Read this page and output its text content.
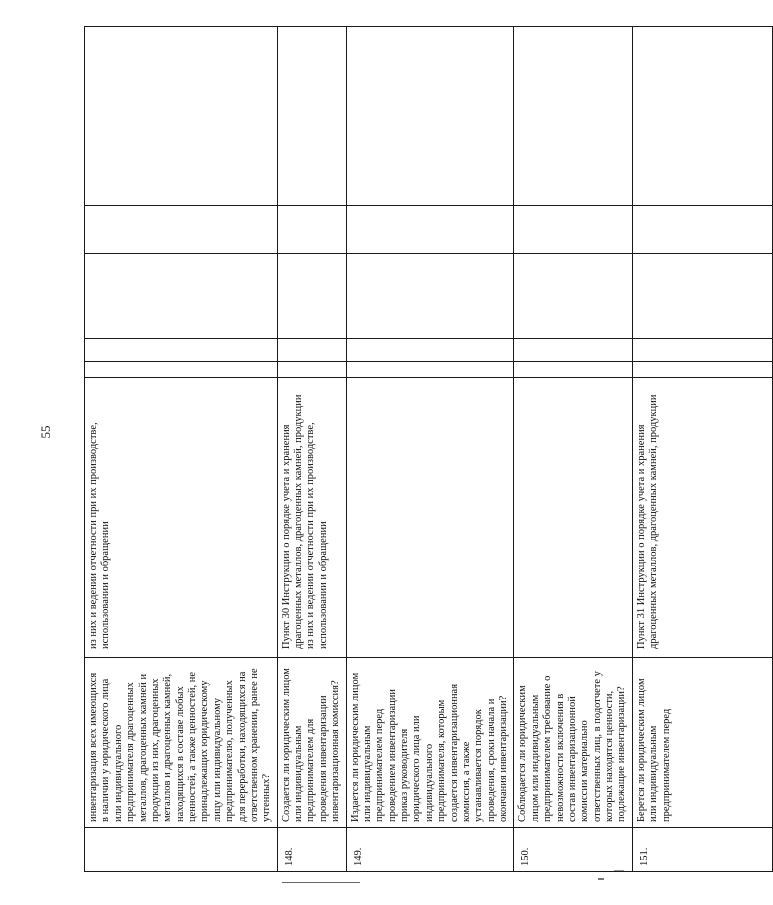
55
	инвентаризация всех имеющихся в наличии у юридического лица или индивидуального предпринимателя драгоценных металлов, драгоценных камней и продукции из них, драгоценных металлов и драгоценных камней, находящихся в составе любых ценностей, а также ценностей, не принадлежащих юридическому лицу или индивидуальному предпринимателю, полученных для переработки, находящихся на ответственном хранении, ранее не учтенных?	из них и ведении отчетности при их производстве, использовании и обращении					
148.	Создается ли юридическим лицом или индивидуальным предпринимателем для проведения инвентаризации инвентаризационная комиссия?	Пункт 30 Инструкции о порядке учета и хранения драгоценных металлов, драгоценных камней, продукции из них и ведении отчетности при их производстве, использовании и обращении					
149.	Издается ли юридическим лицом или индивидуальным предпринимателем перед проведением инвентаризации приказ руководителя юридического лица или индивидуального предпринимателя, которым создается инвентаризационная комиссия, а также устанавливается порядок проведения, сроки начала и окончания инвентаризации?						
150.	Соблюдается ли юридическим лицом или индивидуальным предпринимателем требование о невозможности включения в состав инвентаризационной комиссии материально ответственных лиц, в подотчете у которых находятся ценности, подлежащие инвентаризации?						
151.	Берется ли юридическим лицом или индивидуальным предпринимателем перед	Пункт 31 Инструкции о порядке учета и хранения драгоценных металлов, драгоценных камней, продукции					
